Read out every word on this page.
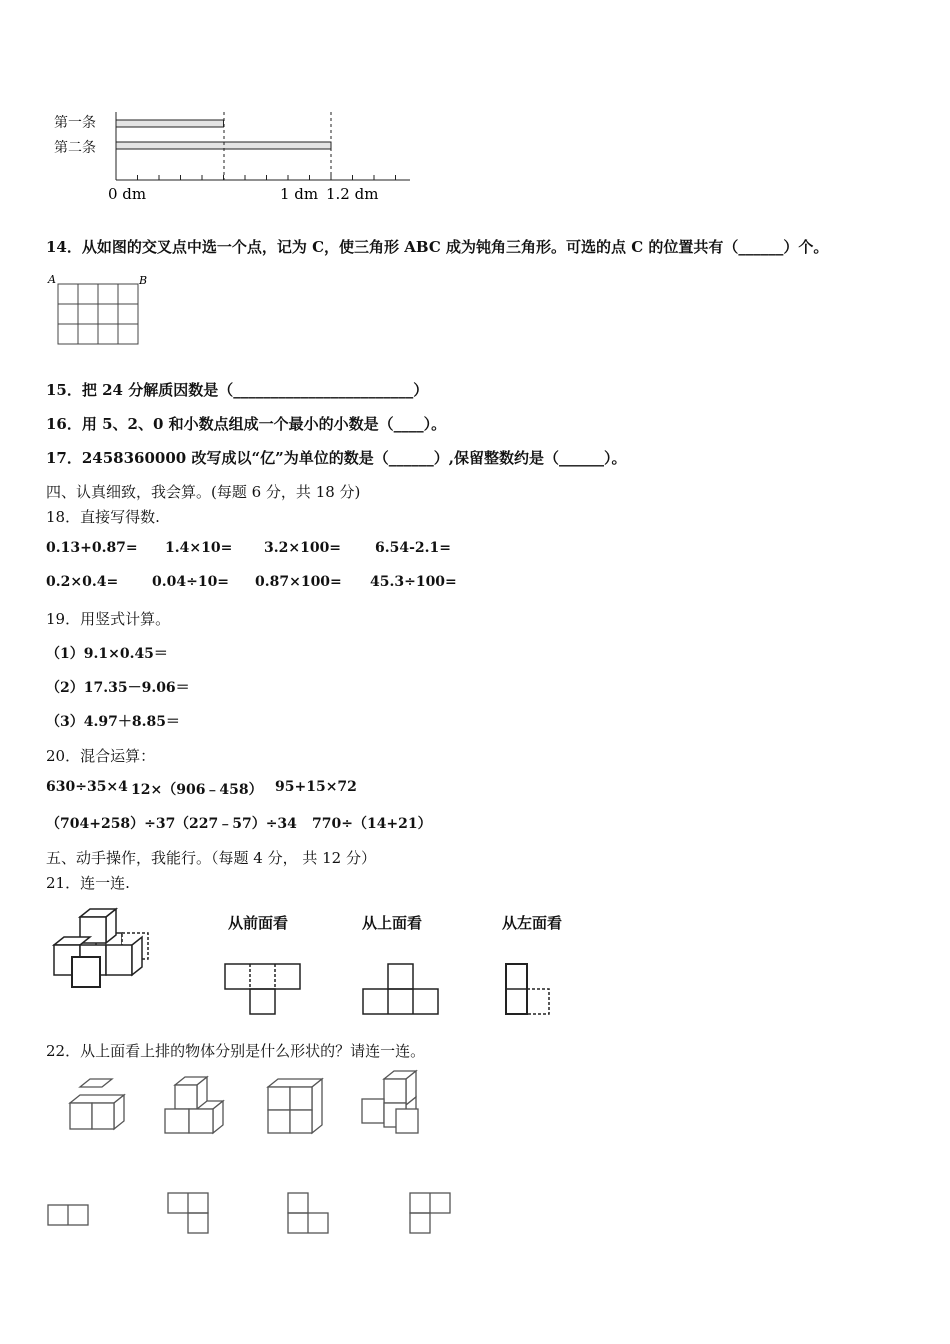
第一条
第二条
0 dm	1 dm 1.2 dm
14．从如图的交叉点中选一个点，记为 C，使三角形 ABC 成为钝角三角形。可选的点 C 的位置共有（______）个。
A	B
15．把 24 分解质因数是（________________________）
16．用 5、2、0 和小数点组成一个最小的小数是（____）。
17．2458360000 改写成以“亿”为单位的数是（______）,保留整数约是（______）。
四、认真细致，我会算。(每题 6 分，共 18 分)
18．直接写得数.
0.13+0.87= 1.4×10= 3.2×100= 6.54-2.1=
0.2×0.4= 0.04÷10= 0.87×100= 45.3÷100=
19．用竖式计算。
（1）9.1×0.45＝
（2）17.35－9.06＝
（3）4.97＋8.85＝
20．混合运算：
630÷35×4 12×（906﹣458） 95+15×72
（704+258）÷37 （227﹣57）÷34 770÷（14+21）
五、动手操作，我能行。（每题 4 分， 共 12 分）
21．连一连.
从前面看	从上面看	从左面看
22．从上面看上排的物体分别是什么形状的？请连一连。
